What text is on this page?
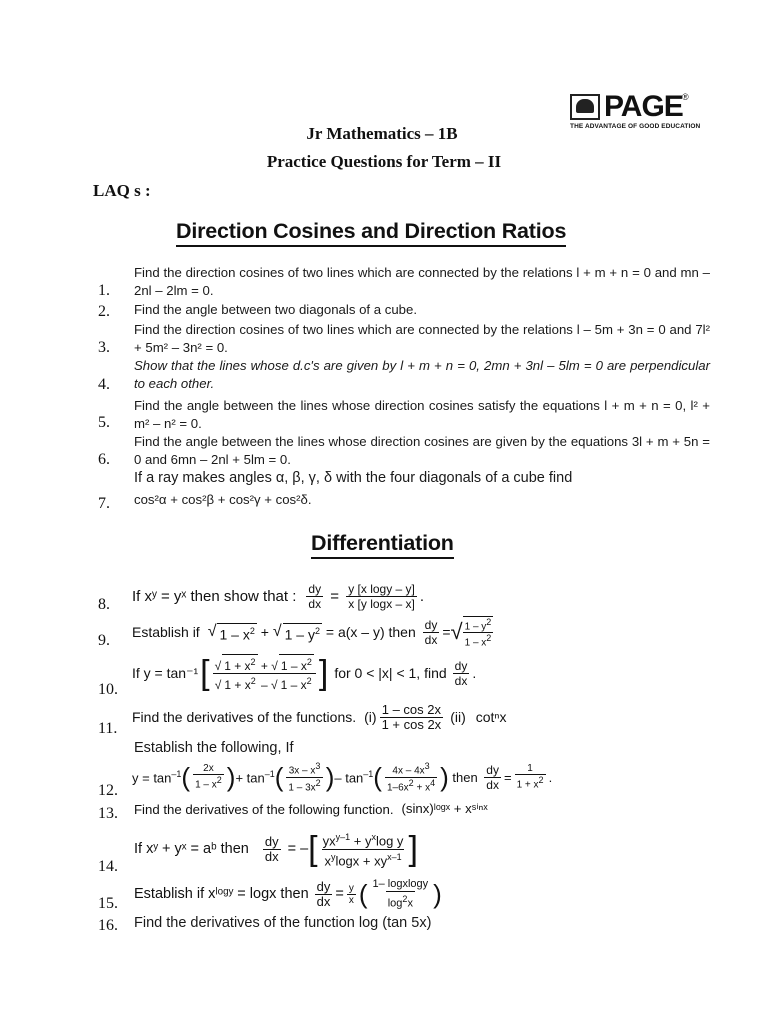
PAGE ®
THE ADVANTAGE OF GOOD EDUCATION
Jr Mathematics – 1B
Practice Questions for Term – II
LAQ s :
Direction Cosines and Direction Ratios
1.
Find the direction cosines of two lines which are connected by the relations l + m + n = 0 and mn – 2nl – 2lm = 0.
2. Find the angle between two diagonals of a cube.
3.
Find the direction cosines of two lines which are connected by the relations l – 5m + 3n = 0 and 7l² + 5m² – 3n² = 0.
4.
Show that the lines whose d.c's are given by l + m + n = 0, 2mn + 3nl – 5lm = 0 are perpendicular to each other.
5.
Find the angle between the lines whose direction cosines satisfy the equations l + m + n = 0, l² + m² – n² = 0.
6.
Find the angle between the lines whose direction cosines are given by the equations 3l + m + 5n = 0 and 6mn – 2nl + 5lm = 0.
7.
If a ray makes angles α, β, γ, δ with the four diagonals of a cube find
cos²α + cos²β + cos²γ + cos²δ.
Differentiation
8. If xʸ = yˣ then show that : $\frac{dy}{dx} = \frac{\text{y [x logy – y]}}{\text{x [y logx – x]}}$ .
9. Establish if √ $1 - x^2$ + √ $1 - y^2 = a(x - y)$ then $\frac{dy}{dx}$ = √ $\frac{1 - y^2}{1 - x^2}$
10.
If y = tan⁻¹ [ $\frac{√ 1 + x^2 + √ 1 - x^2}{√ 1 + x^2 - √ 1 - x^2}$ ] for 0 < |x| < 1, find $\frac{dy}{dx}$ .
11.
Find the derivatives of the functions. $(i) \frac{1 - \cos 2x}{1 + \cos 2x} (ii)$ cotⁿx
12.
Establish the following, If
$y = \tan^{-1}$ ( $\frac{2x}{1 - x^2}$ ) + $\tan^{-1}$ ( $\frac{3x - x^3}{1 - 3x^2}$ ) – $\tan^{-1}$ ( $\frac{4x - 4x^3}{1-6x^2 + x^4}$ ) then $\frac{dy}{dx} = \frac{1}{1 + x^2}$ .
13. Find the derivatives of the following function. (sinx)ˡᵒᵍˣ + xˢⁱⁿˣ
14.
If xʸ + yˣ = aᵇ then $\frac{dy}{dx}$ = – [ $\frac{yx^{y-1} + y^x\log y}{x^y\log x + xy^{x-1}}$ ]
15.
Establish if xˡᵒᵍʸ = logx then $\frac{dy}{dx} = \frac{y}{x}$ ( $\frac{\text{1– logxlogy}}{\log^2x}$ )
16. Find the derivatives of the function log (tan 5x)
